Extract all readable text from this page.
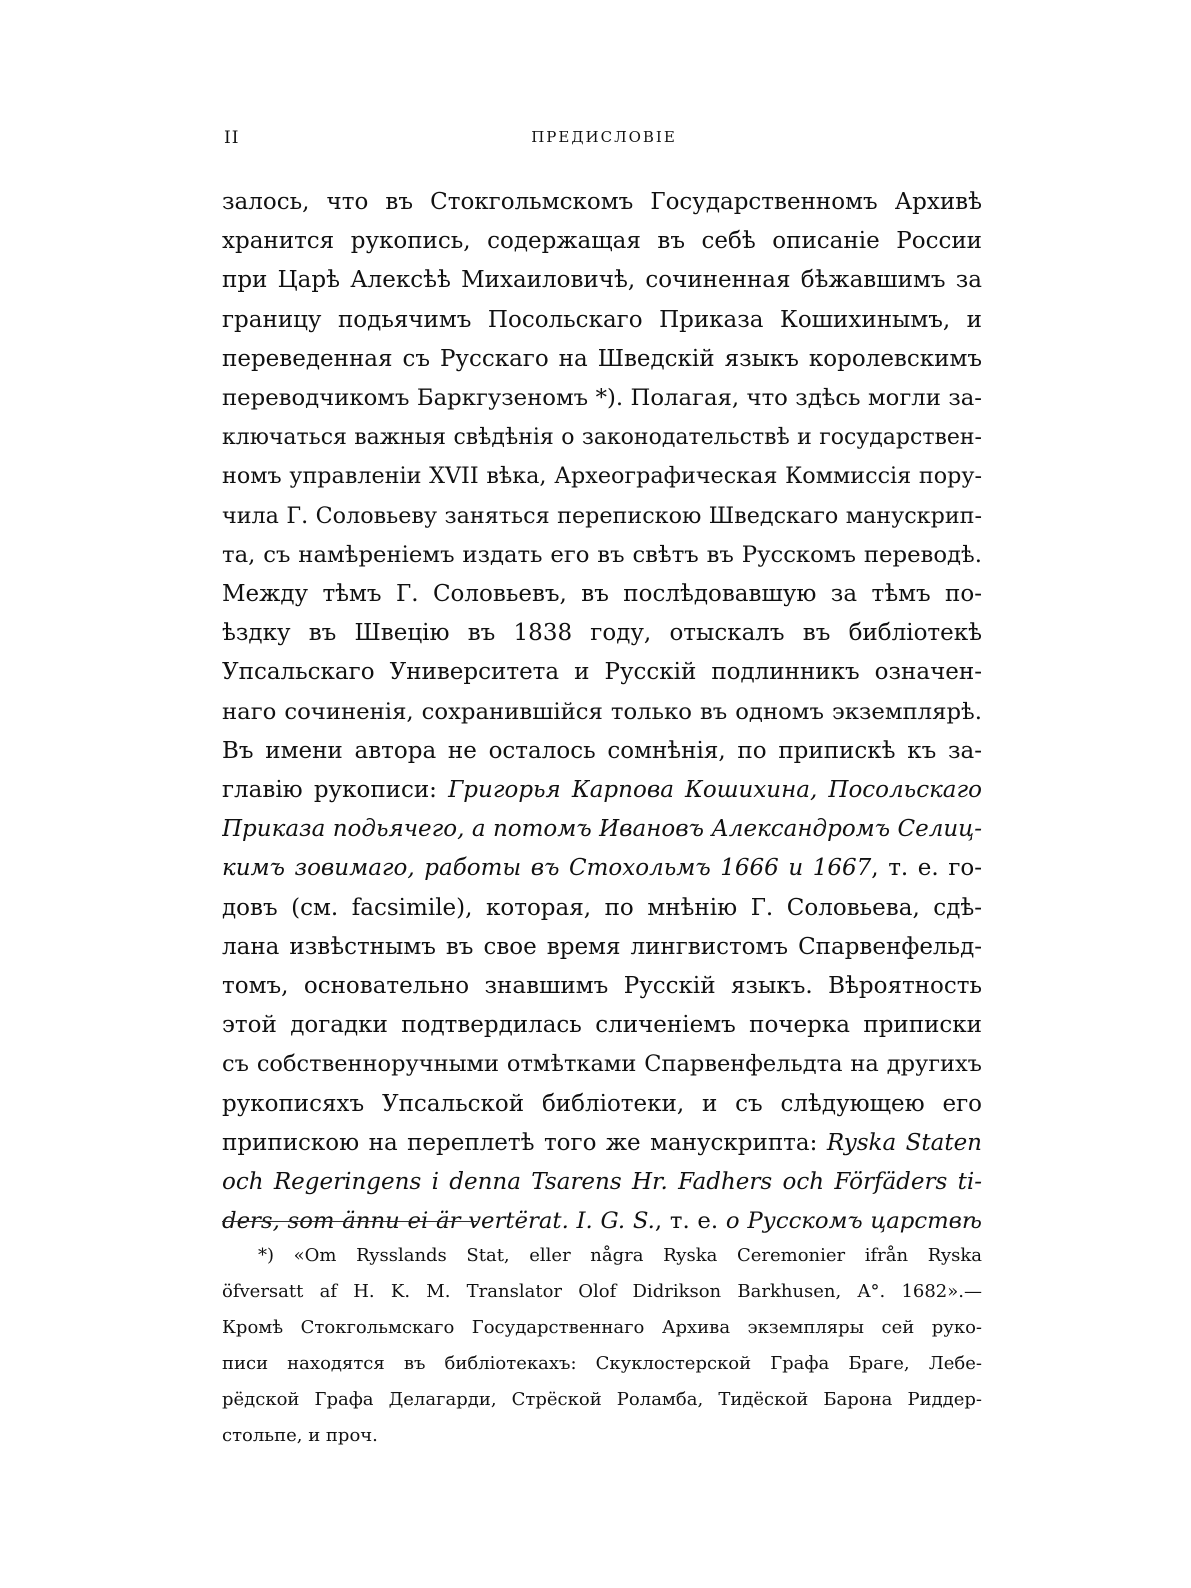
II	ПРЕДИСЛОВІЕ
залось, что въ Стокгольмскомъ Государственномъ Архивѣ
хранится рукопись, содержащая въ себѣ описаніе России
при Царѣ Алексѣѣ Михаиловичѣ, сочиненная бѣжавшимъ за
границу подьячимъ Посольскаго Приказа Кошихинымъ, и
переведенная съ Русскаго на Шведскій языкъ королевскимъ
переводчикомъ Баркгузеномъ *). Полагая, что здѣсь могли за-
ключаться важныя свѣдѣнія о законодательствѣ и государствен-
номъ управленіи XVII вѣка, Археографическая Коммиссія пору-
чила Г. Соловьеву заняться перепискою Шведскаго манускрип-
та, съ намѣреніемъ издать его въ свѣтъ въ Русскомъ переводѣ.
Между тѣмъ Г. Соловьевъ, въ послѣдовавшую за тѣмъ по-
ѣздку въ Швецію въ 1838 году, отыскалъ въ библіотекѣ
Упсальскаго Университета и Русскій подлинникъ означен-
наго сочиненія, сохранившійся только въ одномъ экземплярѣ.
Въ имени автора не осталось сомнѣнія, по припискѣ къ за-
главію рукописи: Григорья Карпова Кошихина, Посольскаго
Приказа подьячего, а потомъ Ивановъ Александромъ Селиц-
кимъ зовимаго, работы въ Стохольмъ 1666 и 1667, т. е. го-
довъ (см. facsimile), которая, по мнѣнію Г. Соловьева, сдѣ-
лана извѣстнымъ въ свое время лингвистомъ Спарвенфельд-
томъ, основательно знавшимъ Русскій языкъ. Вѣроятность
этой догадки подтвердилась сличеніемъ почерка приписки
съ собственноручными отмѣтками Спарвенфельдта на другихъ
рукописяхъ Упсальской библіотеки, и съ слѣдующею его
припискою на переплетѣ того же манускрипта: Ryska Staten
och Regeringens i denna Tsarens Hr. Fadhers och Förfäders ti-
ders, som ännu ei är vertërat. I. G. S., т. е. о Русскомъ царствѣ
*) «Om Rysslands Stat, eller några Ryska Ceremonier ifrån Ryska
öfversatt af H. K. M. Translator Olof Didrikson Barkhusen, A°. 1682».—
Кромѣ Стокгольмскаго Государственнаго Архива экземпляры сей руко-
писи находятся въ библіотекахъ: Скуклостерской Графа Браге, Лебе-
рёдской Графа Делагарди, Стрёской Роламба, Тидёской Барона Риддер-
стольпе, и проч.
